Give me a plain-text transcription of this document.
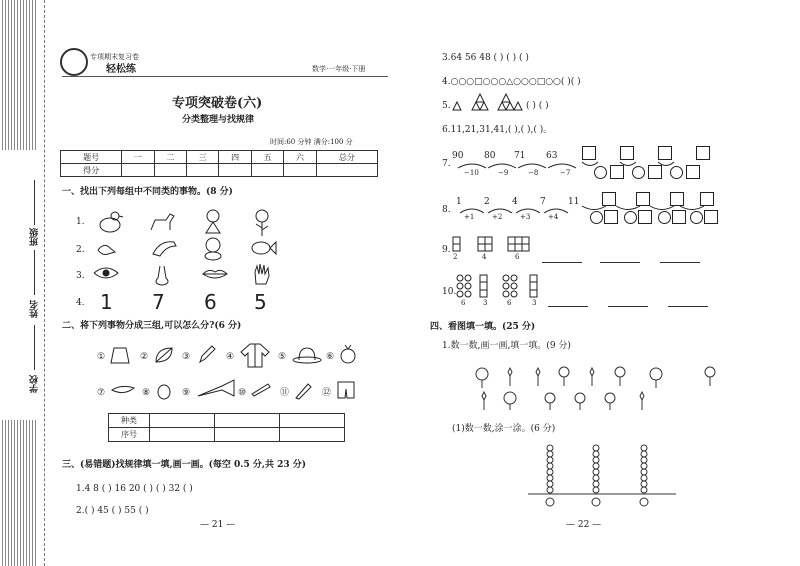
班级
姓名
学校
专项期末复习卷
轻松练
专项突破卷(六)
分类整理与找规律
时间:60 分钟 满分:100 分
题号	一	二	三	四	五	六	总分
得分							
一、找出下列每组中不同类的事物。(8 分)
1.
2.
3.
4. 1 7 6 5
二、将下列事物分成三组,可以怎么分?(6 分)
①	②	③	④	⑤	⑥
⑦	⑧	⑨	⑩	⑪	⑫
种类			
序号			
三、(易错题)找规律填一填,画一画。(每空 0.5 分,共 23 分)
1.4 8 ( ) 16 20 ( ) ( ) 32 ( )
2.( ) 45 ( ) 55 ( )
— 21 —
数学·一年级·下册
3.64 56 48 ( ) ( ) ( )
4.○○○□○○○△○○○□○○( )( )
5.	( ) ( )
6.11,21,31,41,( ),( ),( )。
7.
90 80 71 63
−10	−9	−8	−7
8.
1 2 4 7 11
+1	+2	+3	+4
9.
2	4	6
10.
6	3	6	3
四、看图填一填。(25 分)
1.数一数,画一画,填一填。(9 分)
(1)数一数,涂一涂。(6 分)
— 22 —
